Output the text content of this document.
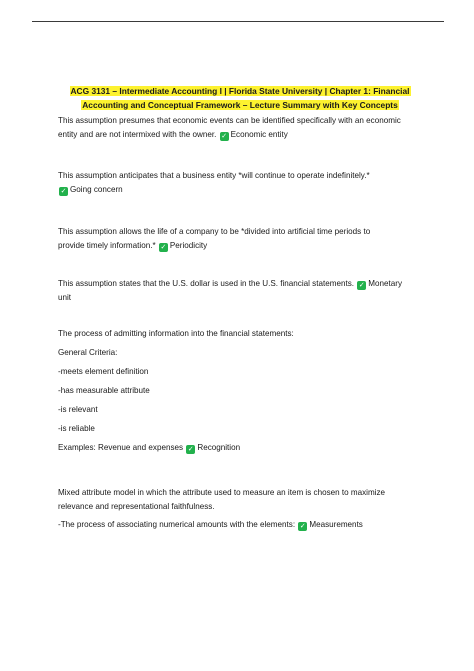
ACG 3131 – Intermediate Accounting I | Florida State University | Chapter 1: Financial
Accounting and Conceptual Framework – Lecture Summary with Key Concepts
This assumption presumes that economic events can be identified specifically with an economic
entity and are not intermixed with the owner. ✓ Economic entity
This assumption anticipates that a business entity *will continue to operate indefinitely.*
✓ Going concern
This assumption allows the life of a company to be *divided into artificial time periods to
provide timely information.* ✓ Periodicity
This assumption states that the U.S. dollar is used in the U.S. financial statements. ✓ Monetary
unit
The process of admitting information into the financial statements:
General Criteria:
-meets element definition
-has measurable attribute
-is relevant
-is reliable
Examples: Revenue and expenses ✓ Recognition
Mixed attribute model in which the attribute used to measure an item is chosen to maximize
relevance and representational faithfulness.
-The process of associating numerical amounts with the elements: ✓ Measurements
